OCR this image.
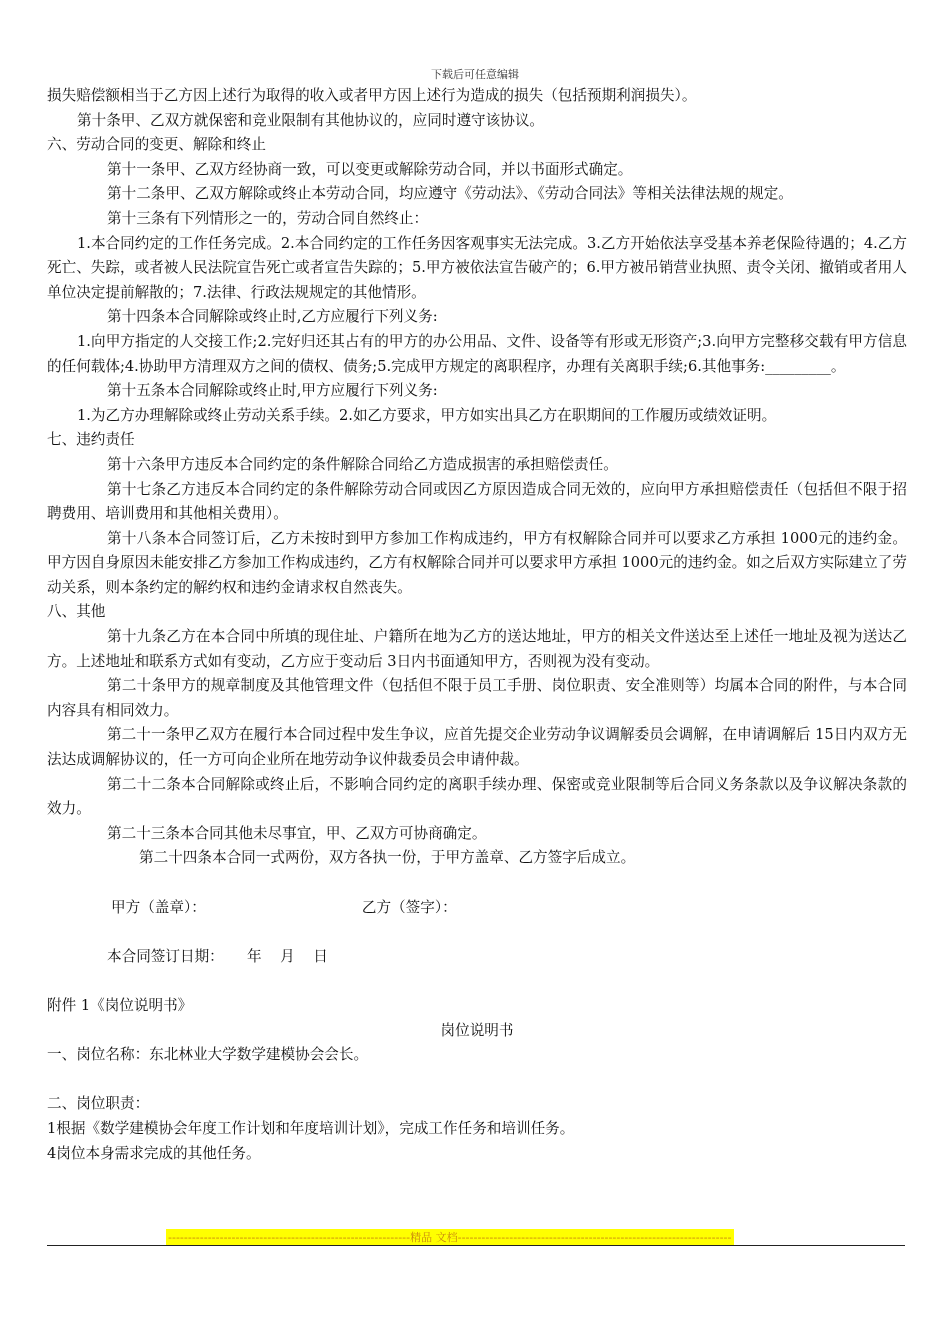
下载后可任意编辑

损失赔偿额相当于乙方因上述行为取得的收入或者甲方因上述行为造成的损失（包括预期利润损失）。

第十条甲、乙双方就保密和竞业限制有其他协议的，应同时遵守该协议。

六、劳动合同的变更、解除和终止

第十一条甲、乙双方经协商一致，可以变更或解除劳动合同，并以书面形式确定。

第十二条甲、乙双方解除或终止本劳动合同，均应遵守《劳动法》、《劳动合同法》等相关法律法规的规定。

第十三条有下列情形之一的，劳动合同自然终止：

1.本合同约定的工作任务完成。2.本合同约定的工作任务因客观事实无法完成。3.乙方开始依法享受基本养老保险待遇的；4.乙方死亡、失踪，或者被人民法院宣告死亡或者宣告失踪的；5.甲方被依法宣告破产的；6.甲方被吊销营业执照、责令关闭、撤销或者用人单位决定提前解散的；7.法律、行政法规规定的其他情形。

第十四条本合同解除或终止时,乙方应履行下列义务:

1.向甲方指定的人交接工作;2.完好归还其占有的甲方的办公用品、文件、设备等有形或无形资产;3.向甲方完整移交载有甲方信息的任何载体;4.协助甲方清理双方之间的债权、债务;5.完成甲方规定的离职程序，办理有关离职手续;6.其他事务:_________。

第十五条本合同解除或终止时,甲方应履行下列义务:

1.为乙方办理解除或终止劳动关系手续。2.如乙方要求，甲方如实出具乙方在职期间的工作履历或绩效证明。

七、违约责任

第十六条甲方违反本合同约定的条件解除合同给乙方造成损害的承担赔偿责任。

第十七条乙方违反本合同约定的条件解除劳动合同或因乙方原因造成合同无效的，应向甲方承担赔偿责任（包括但不限于招聘费用、培训费用和其他相关费用）。

第十八条本合同签订后，乙方未按时到甲方参加工作构成违约，甲方有权解除合同并可以要求乙方承担 1000元的违约金。甲方因自身原因未能安排乙方参加工作构成违约，乙方有权解除合同并可以要求甲方承担 1000元的违约金。如之后双方实际建立了劳动关系，则本条约定的解约权和违约金请求权自然丧失。

八、其他

第十九条乙方在本合同中所填的现住址、户籍所在地为乙方的送达地址，甲方的相关文件送达至上述任一地址及视为送达乙方。上述地址和联系方式如有变动，乙方应于变动后 3日内书面通知甲方，否则视为没有变动。

第二十条甲方的规章制度及其他管理文件（包括但不限于员工手册、岗位职责、安全准则等）均属本合同的附件，与本合同内容具有相同效力。

第二十一条甲乙双方在履行本合同过程中发生争议，应首先提交企业劳动争议调解委员会调解，在申请调解后 15日内双方无法达成调解协议的，任一方可向企业所在地劳动争议仲裁委员会申请仲裁。

第二十二条本合同解除或终止后，不影响合同约定的离职手续办理、保密或竞业限制等后合同义务条款以及争议解决条款的效力。

第二十三条本合同其他未尽事宜，甲、乙双方可协商确定。

第二十四条本合同一式两份，双方各执一份，于甲方盖章、乙方签字后成立。

甲方（盖章）：	乙方（签字）：

本合同签订日期：     年    月    日

附件 1《岗位说明书》

岗位说明书

一、岗位名称：东北林业大学数学建模协会会长。

二、岗位职责：

1根据《数学建模协会年度工作计划和年度培训计划》，完成工作任务和培训任务。

4岗位本身需求完成的其他任务。

-------------------------------------------------------------精品 文档---------------------------------------------------------------------
